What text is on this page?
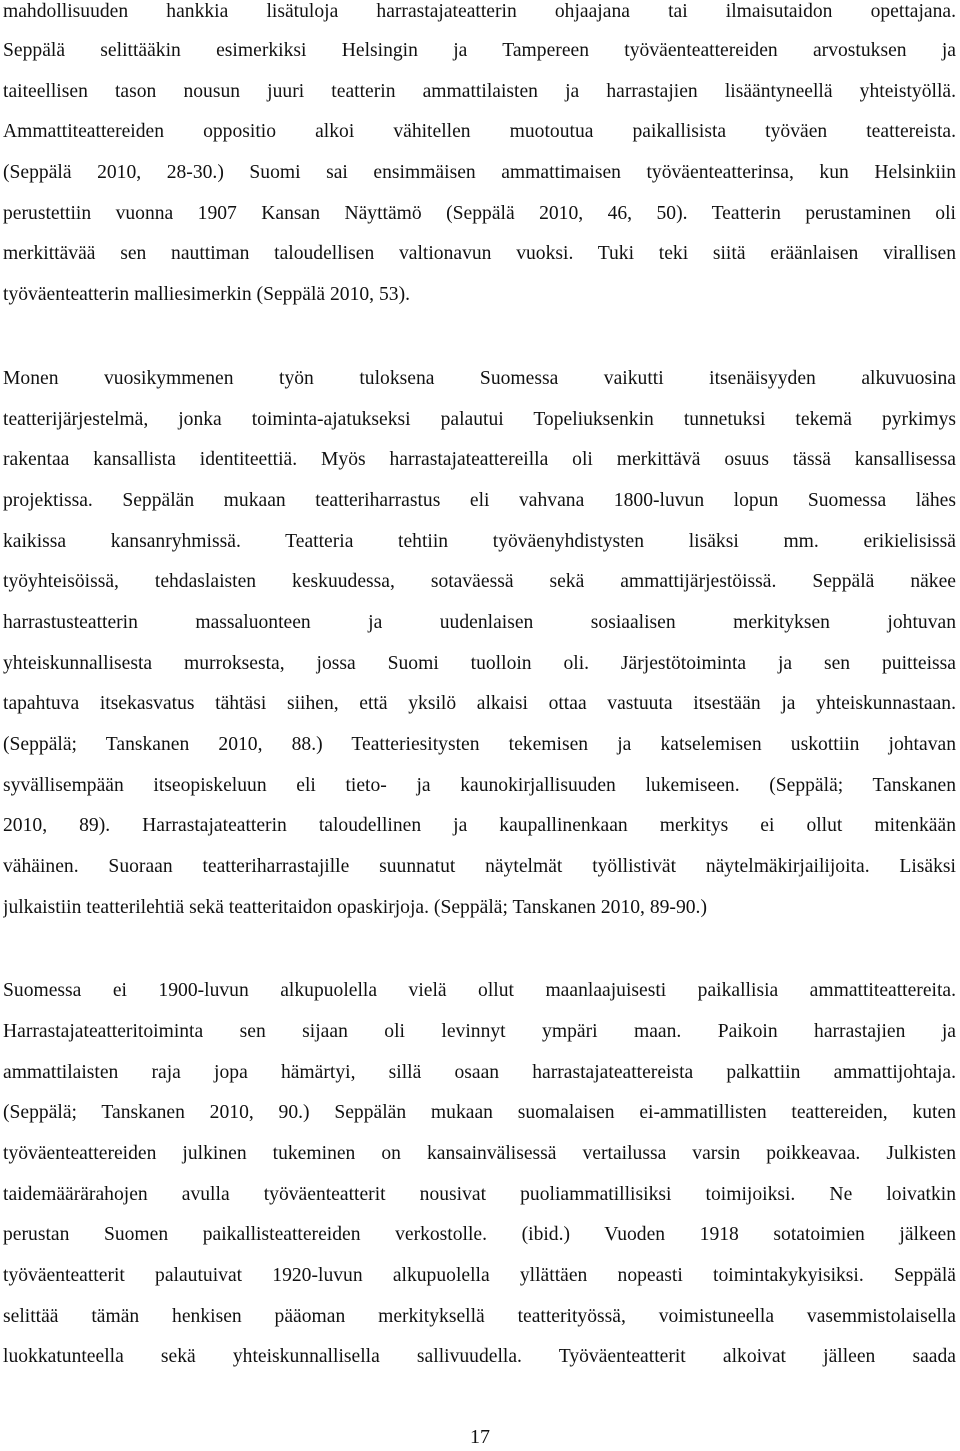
mahdollisuuden hankkia lisätuloja harrastajateatterin ohjaajana tai ilmaisutaidon opettajana.
Seppälä selittääkin esimerkiksi Helsingin ja Tampereen työväenteattereiden arvostuksen ja
taiteellisen tason nousun juuri teatterin ammattilaisten ja harrastajien lisääntyneellä yhteistyöllä.
Ammattiteattereiden oppositio alkoi vähitellen muotoutua paikallisista työväen teattereista.
(Seppälä 2010, 28-30.) Suomi sai ensimmäisen ammattimaisen työväenteatterinsa, kun Helsinkiin
perustettiin vuonna 1907 Kansan Näyttämö (Seppälä 2010, 46, 50). Teatterin perustaminen oli
merkittävää sen nauttiman taloudellisen valtionavun vuoksi. Tuki teki siitä eräänlaisen virallisen
työväenteatterin malliesimerkin (Seppälä 2010, 53).
Monen vuosikymmenen työn tuloksena Suomessa vaikutti itsenäisyyden alkuvuosina
teatterijärjestelmä, jonka toiminta-ajatukseksi palautui Topeliuksenkin tunnetuksi tekemä pyrkimys
rakentaa kansallista identiteettiä. Myös harrastajateattereilla oli merkittävä osuus tässä kansallisessa
projektissa. Seppälän mukaan teatteriharrastus eli vahvana 1800-luvun lopun Suomessa lähes
kaikissa kansanryhmissä. Teatteria tehtiin työväenyhdistysten lisäksi mm. erikielisissä
työyhteisöissä, tehdaslaisten keskuudessa, sotaväessä sekä ammattijärjestöissä. Seppälä näkee
harrastusteatterin massaluonteen ja uudenlaisen sosiaalisen merkityksen johtuvan
yhteiskunnallisesta murroksesta, jossa Suomi tuolloin oli. Järjestötoiminta ja sen puitteissa
tapahtuva itsekasvatus tähtäsi siihen, että yksilö alkaisi ottaa vastuuta itsestään ja yhteiskunnastaan.
(Seppälä; Tanskanen 2010, 88.) Teatteriesitysten tekemisen ja katselemisen uskottiin johtavan
syvällisempään itseopiskeluun eli tieto- ja kaunokirjallisuuden lukemiseen. (Seppälä; Tanskanen
2010, 89). Harrastajateatterin taloudellinen ja kaupallinenkaan merkitys ei ollut mitenkään
vähäinen. Suoraan teatteriharrastajille suunnatut näytelmät työllistivät näytelmäkirjailijoita. Lisäksi
julkaistiin teatterilehtiä sekä teatteritaidon opaskirjoja. (Seppälä; Tanskanen 2010, 89-90.)
Suomessa ei 1900-luvun alkupuolella vielä ollut maanlaajuisesti paikallisia ammattiteattereita.
Harrastajateatteritoiminta sen sijaan oli levinnyt ympäri maan. Paikoin harrastajien ja
ammattilaisten raja jopa hämärtyi, sillä osaan harrastajateattereista palkattiin ammattijohtaja.
(Seppälä; Tanskanen 2010, 90.) Seppälän mukaan suomalaisen ei-ammatillisten teattereiden, kuten
työväenteattereiden julkinen tukeminen on kansainvälisessä vertailussa varsin poikkeavaa. Julkisten
taidemäärärahojen avulla työväenteatterit nousivat puoliammatillisiksi toimijoiksi. Ne loivatkin
perustan Suomen paikallisteattereiden verkostolle. (ibid.) Vuoden 1918 sotatoimien jälkeen
työväenteatterit palautuivat 1920-luvun alkupuolella yllättäen nopeasti toimintakykyisiksi. Seppälä
selittää tämän henkisen pääoman merkityksellä teatterityössä, voimistuneella vasemmistolaisella
luokkatunteella sekä yhteiskunnallisella sallivuudella. Työväenteatterit alkoivat jälleen saada
17
